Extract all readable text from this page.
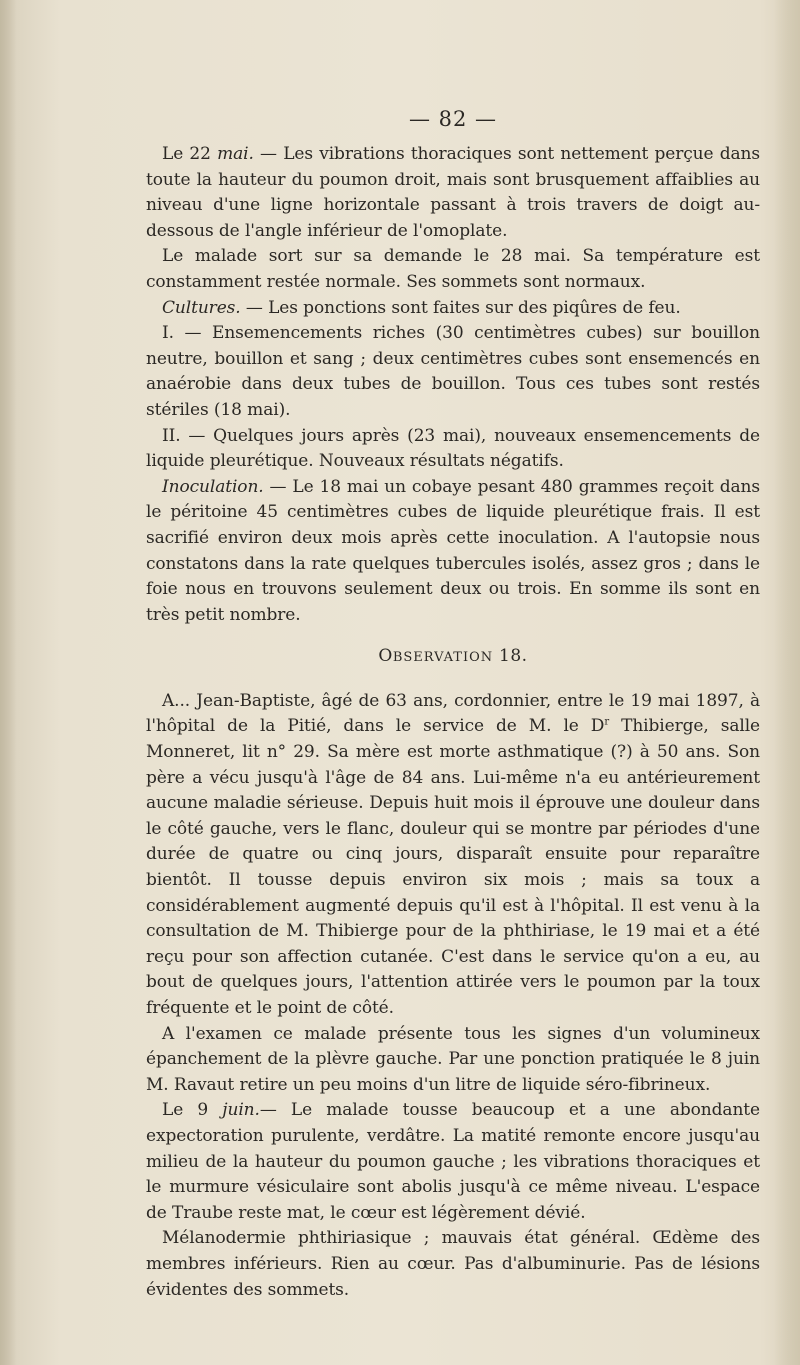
— 82 —

Le 22 mai. — Les vibrations thoraciques sont nettement perçue dans toute la hauteur du poumon droit, mais sont brusquement affaiblies au niveau d'une ligne horizontale passant à trois travers de doigt au-dessous de l'angle inférieur de l'omoplate.

Le malade sort sur sa demande le 28 mai. Sa température est constamment restée normale. Ses sommets sont normaux.

Cultures. — Les ponctions sont faites sur des piqûres de feu.

I. — Ensemencements riches (30 centimètres cubes) sur bouillon neutre, bouillon et sang ; deux centimètres cubes sont ensemencés en anaérobie dans deux tubes de bouillon. Tous ces tubes sont restés stériles (18 mai).

II. — Quelques jours après (23 mai), nouveaux ensemencements de liquide pleurétique. Nouveaux résultats négatifs.

Inoculation. — Le 18 mai un cobaye pesant 480 grammes reçoit dans le péritoine 45 centimètres cubes de liquide pleurétique frais. Il est sacrifié environ deux mois après cette inoculation. A l'autopsie nous constatons dans la rate quelques tubercules isolés, assez gros ; dans le foie nous en trouvons seulement deux ou trois. En somme ils sont en très petit nombre.

OBSERVATION 18.

A... Jean-Baptiste, âgé de 63 ans, cordonnier, entre le 19 mai 1897, à l'hôpital de la Pitié, dans le service de M. le $D^r$ Thibierge, salle Monneret, lit n° 29. Sa mère est morte asthmatique (?) à 50 ans. Son père a vécu jusqu'à l'âge de 84 ans. Lui-même n'a eu antérieurement aucune maladie sérieuse. Depuis huit mois il éprouve une douleur dans le côté gauche, vers le flanc, douleur qui se montre par périodes d'une durée de quatre ou cinq jours, disparaît ensuite pour reparaître bientôt. Il tousse depuis environ six mois ; mais sa toux a considérablement augmenté depuis qu'il est à l'hôpital. Il est venu à la consultation de M. Thibierge pour de la phthiriase, le 19 mai et a été reçu pour son affection cutanée. C'est dans le service qu'on a eu, au bout de quelques jours, l'attention attirée vers le poumon par la toux fréquente et le point de côté.

A l'examen ce malade présente tous les signes d'un volumineux épanchement de la plèvre gauche. Par une ponction pratiquée le 8 juin M. Ravaut retire un peu moins d'un litre de liquide séro-fibrineux.

Le 9 juin.— Le malade tousse beaucoup et a une abondante expectoration purulente, verdâtre. La matité remonte encore jusqu'au milieu de la hauteur du poumon gauche ; les vibrations thoraciques et le murmure vésiculaire sont abolis jusqu'à ce même niveau. L'espace de Traube reste mat, le cœur est légèrement dévié.

Mélanodermie phthiriasique ; mauvais état général. Œdème des membres inférieurs. Rien au cœur. Pas d'albuminurie. Pas de lésions évidentes des sommets.
